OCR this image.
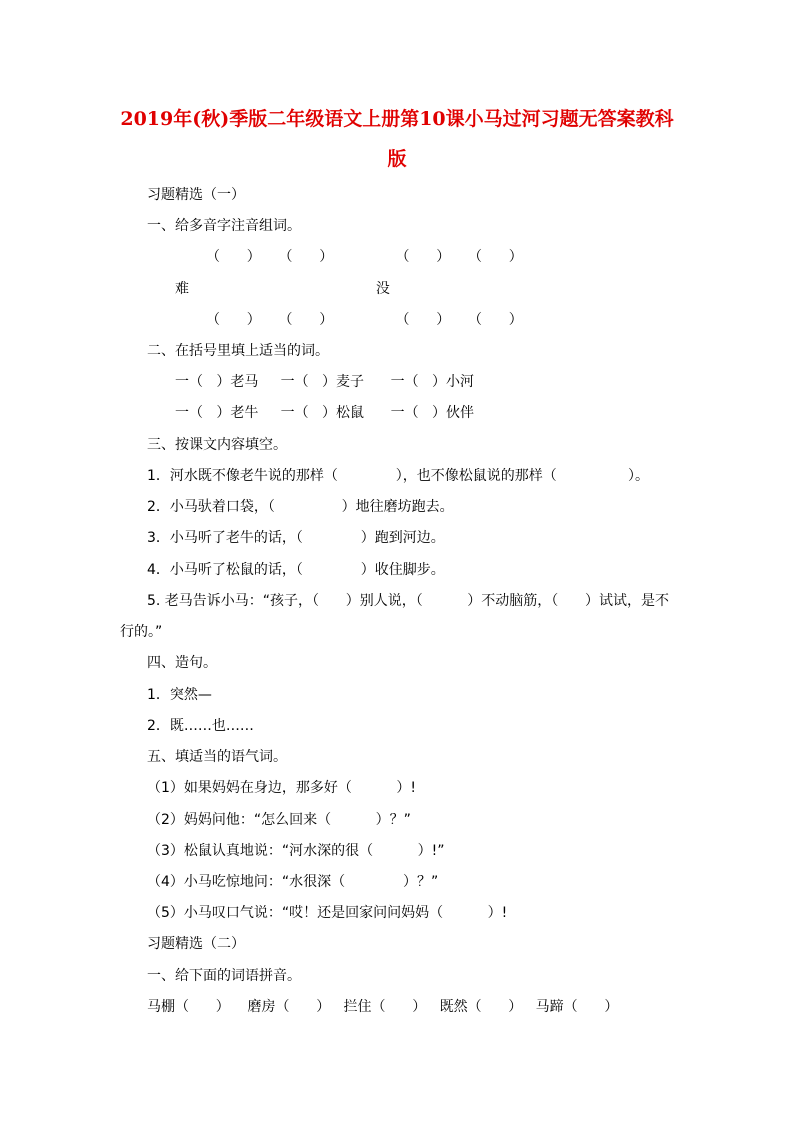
2019年(秋)季版二年级语文上册第10课小马过河习题无答案教科
版
习题精选（一）
一、给多音字注音组词。
（      ）    （      ）              （      ）    （      ）
难                                          没
（      ）    （      ）              （      ）    （      ）
二、在括号里填上适当的词。
一（   ）老马     一（   ）麦子      一（   ）小河
一（   ）老牛     一（   ）松鼠      一（   ）伙伴
三、按课文内容填空。
1．河水既不像老牛说的那样（             ），也不像松鼠说的那样（                ）。
2．小马驮着口袋，（               ）地往磨坊跑去。
3．小马听了老牛的话，（             ）跑到河边。
4．小马听了松鼠的话，（             ）收住脚步。
5. 老马告诉小马：“孩子，（      ）别人说，（          ）不动脑筋，（      ）试试，是不
行的。”
四、造句。
1．突然—
2．既……也……
五、填适当的语气词。
（1）如果妈妈在身边，那多好（          ）!
（2）妈妈问他：“怎么回来（          ）？”
（3）松鼠认真地说：“河水深的很（          ）!”
（4）小马吃惊地问：“水很深（             ）？”
（5）小马叹口气说：“哎！还是回家问问妈妈（          ）!
习题精选（二）
一、给下面的词语拼音。
马棚（      ）    磨房（      ）   拦住（      ）   既然（      ）   马蹄（      ）
